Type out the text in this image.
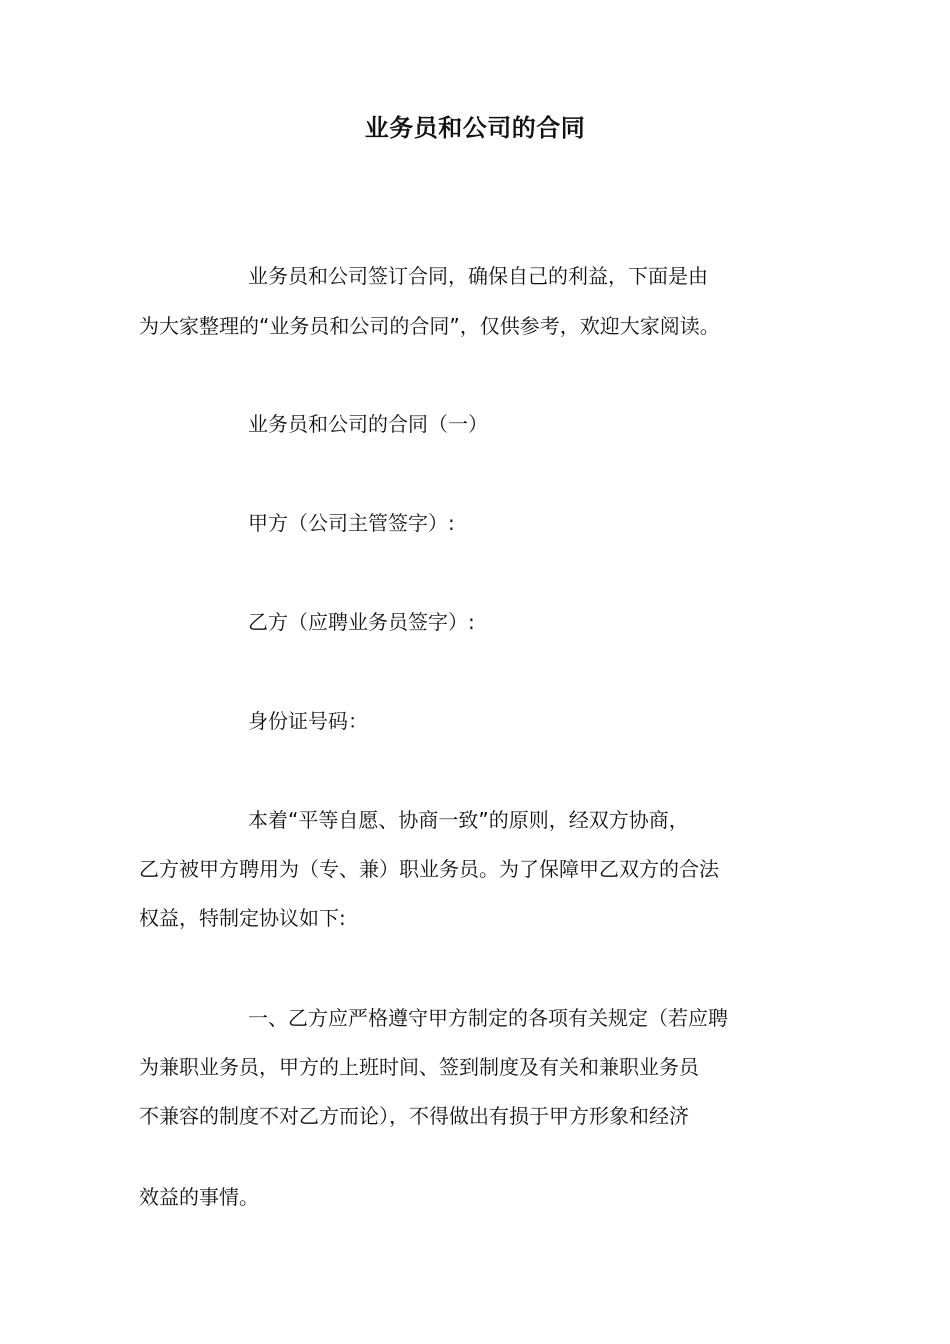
业务员和公司的合同
业务员和公司签订合同，确保自己的利益，下面是由
为大家整理的“业务员和公司的合同”，仅供参考，欢迎大家阅读。
业务员和公司的合同（一）
甲方（公司主管签字）:
乙方（应聘业务员签字）:
身份证号码：
本着“平等自愿、协商一致”的原则，经双方协商，
乙方被甲方聘用为（专、兼）职业务员。为了保障甲乙双方的合法
权益，特制定协议如下:
一、乙方应严格遵守甲方制定的各项有关规定（若应聘
为兼职业务员，甲方的上班时间、签到制度及有关和兼职业务员
不兼容的制度不对乙方而论），不得做出有损于甲方形象和经济
效益的事情。
